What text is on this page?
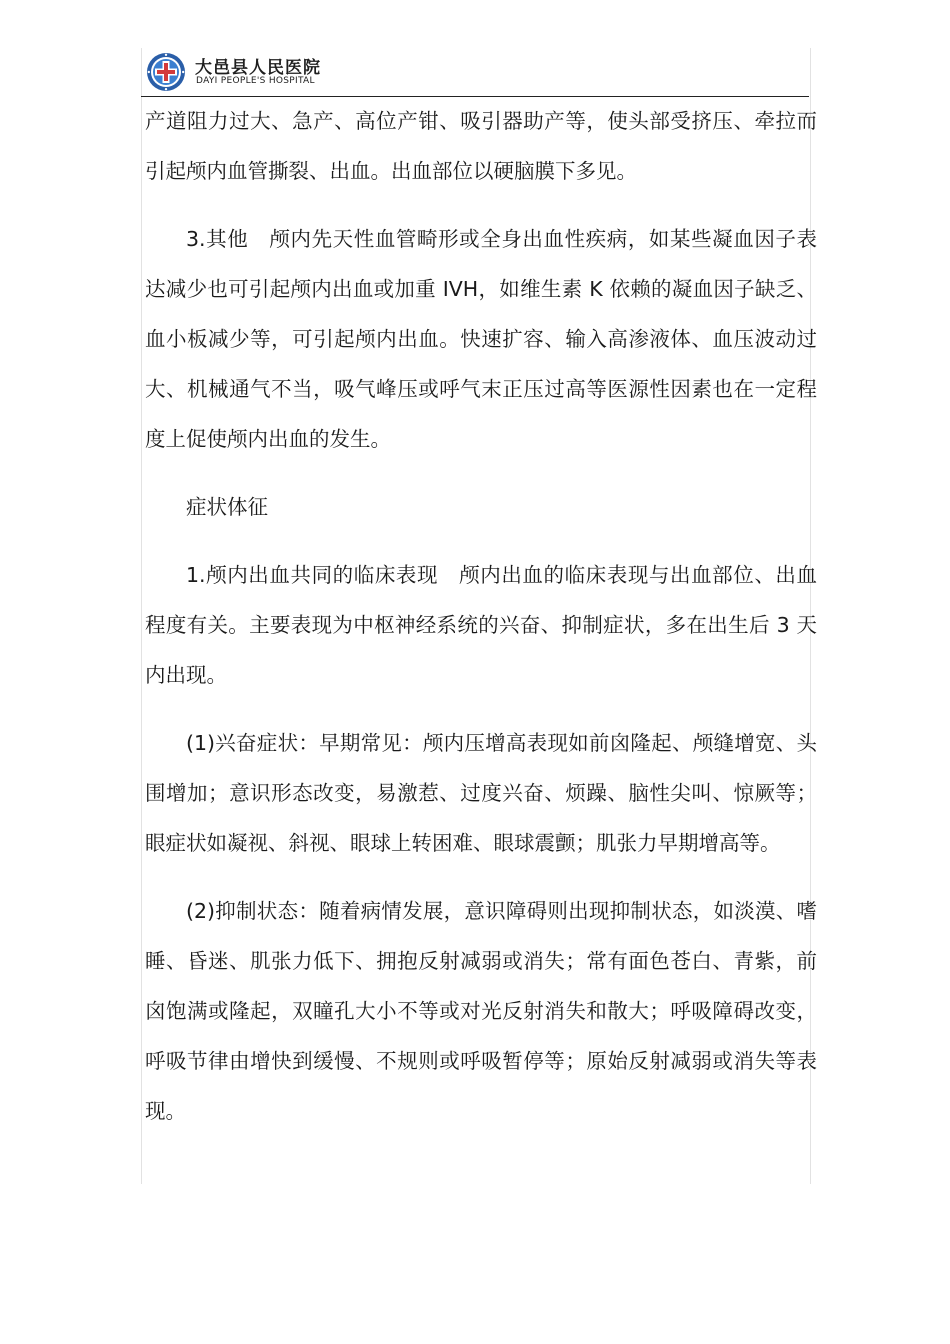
大邑县人民医院
DAYI PEOPLE'S HOSPITAL

产道阻力过大、急产、高位产钳、吸引器助产等，使头部受挤压、牵拉而引起颅内血管撕裂、出血。出血部位以硬脑膜下多见。

3.其他　颅内先天性血管畸形或全身出血性疾病，如某些凝血因子表达减少也可引起颅内出血或加重 IVH，如维生素 K 依赖的凝血因子缺乏、血小板减少等，可引起颅内出血。快速扩容、输入高渗液体、血压波动过大、机械通气不当，吸气峰压或呼气末正压过高等医源性因素也在一定程度上促使颅内出血的发生。

症状体征

1.颅内出血共同的临床表现　颅内出血的临床表现与出血部位、出血程度有关。主要表现为中枢神经系统的兴奋、抑制症状，多在出生后 3 天内出现。

(1)兴奋症状：早期常见：颅内压增高表现如前囟隆起、颅缝增宽、头围增加；意识形态改变，易激惹、过度兴奋、烦躁、脑性尖叫、惊厥等；眼症状如凝视、斜视、眼球上转困难、眼球震颤；肌张力早期增高等。

(2)抑制状态：随着病情发展，意识障碍则出现抑制状态，如淡漠、嗜睡、昏迷、肌张力低下、拥抱反射减弱或消失；常有面色苍白、青紫，前囟饱满或隆起，双瞳孔大小不等或对光反射消失和散大；呼吸障碍改变，呼吸节律由增快到缓慢、不规则或呼吸暂停等；原始反射减弱或消失等表现。
